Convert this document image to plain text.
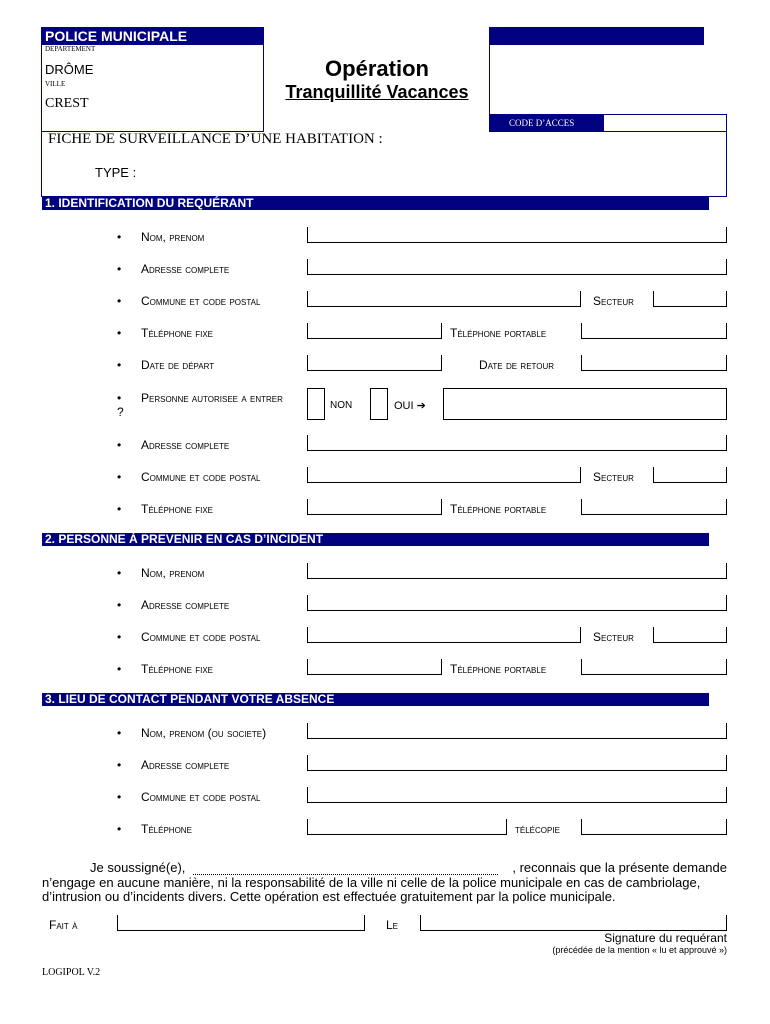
POLICE MUNICIPALE
DEPARTEMENT
DRÔME
VILLE
CREST
Opération
Tranquillité Vacances
CODE D’ACCES
FICHE DE SURVEILLANCE D’UNE HABITATION :
TYPE :
1. IDENTIFICATION DU REQUÉRANT
• Nom, prenom
• Adresse complete
• Commune et code postal	Secteur
• Téléphone fixe	Téléphone portable
• Date de départ	Date de retour
•	Personne autorisee a entrer ?	NON	OUI ➔
• Adresse complete
• Commune et code postal	Secteur
• Téléphone fixe	Téléphone portable
2. PERSONNE À PREVENIR EN CAS D’INCIDENT
• Nom, prenom
• Adresse complete
• Commune et code postal	Secteur
• Téléphone fixe	Téléphone portable
3. LIEU DE CONTACT PENDANT VOTRE ABSENCE
• Nom, prenom (ou societe)
• Adresse complete
• Commune et code postal
• Téléphone	télécopie
Je soussigné(e),	, reconnais que la présente demande
n’engage en aucune manière, ni la responsabilité de la ville ni celle de la police municipale en cas de cambriolage,
d’intrusion ou d’incidents divers. Cette opération est effectuée gratuitement par la police municipale.
Fait à	Le
Signature du requérant
(précédée de la mention « lu et approuvé »)
LOGIPOL V.2
